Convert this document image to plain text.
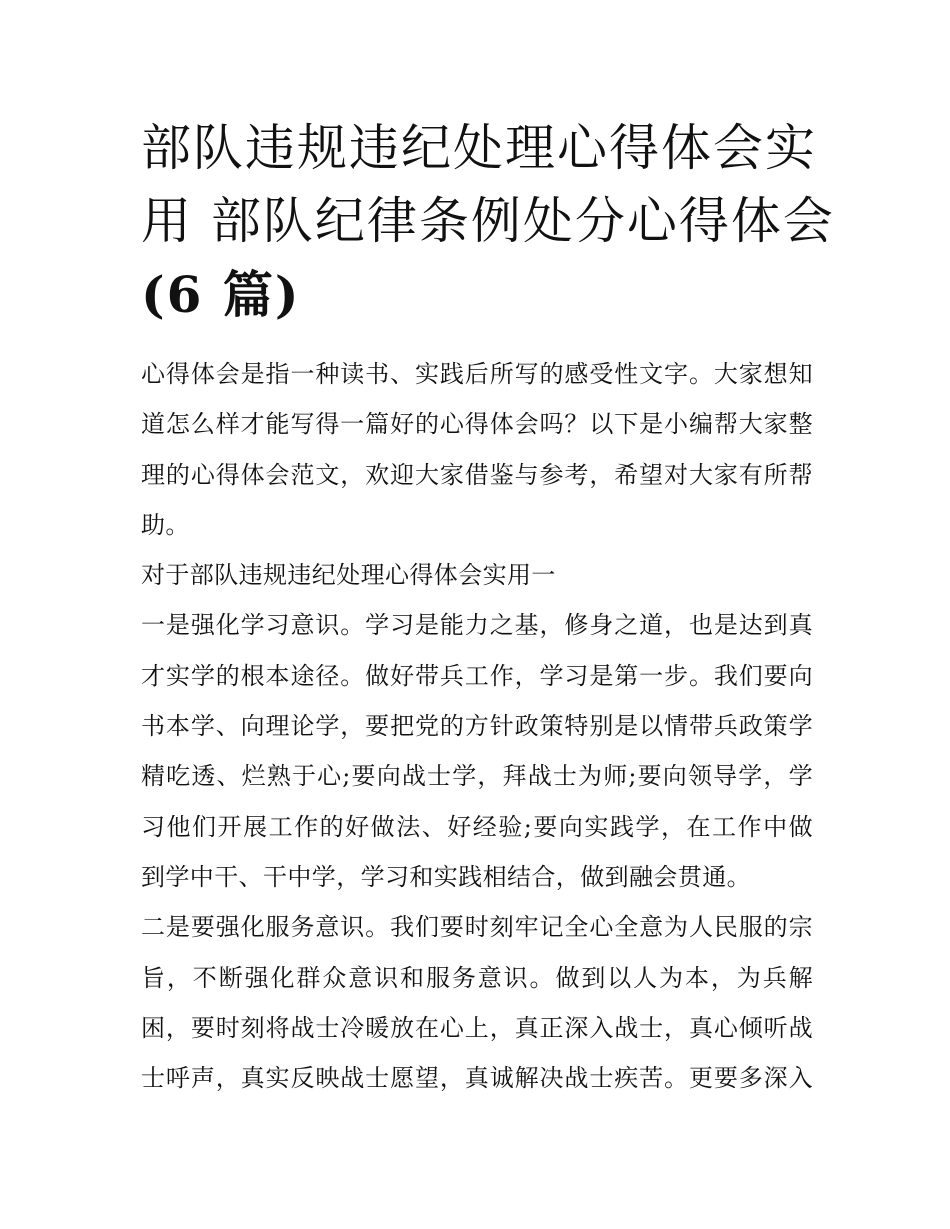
部队违规违纪处理心得体会实
用 部队纪律条例处分心得体会
(6 篇)

心得体会是指一种读书、实践后所写的感受性文字。大家想知
道怎么样才能写得一篇好的心得体会吗？以下是小编帮大家整
理的心得体会范文，欢迎大家借鉴与参考，希望对大家有所帮
助。

对于部队违规违纪处理心得体会实用一

一是强化学习意识。学习是能力之基，修身之道，也是达到真
才实学的根本途径。做好带兵工作，学习是第一步。我们要向
书本学、向理论学，要把党的方针政策特别是以情带兵政策学
精吃透、烂熟于心;要向战士学，拜战士为师;要向领导学，学
习他们开展工作的好做法、好经验;要向实践学，在工作中做
到学中干、干中学，学习和实践相结合，做到融会贯通。

二是要强化服务意识。我们要时刻牢记全心全意为人民服的宗
旨，不断强化群众意识和服务意识。做到以人为本，为兵解
困，要时刻将战士冷暖放在心上，真正深入战士，真心倾听战
士呼声，真实反映战士愿望，真诚解决战士疾苦。更要多深入
